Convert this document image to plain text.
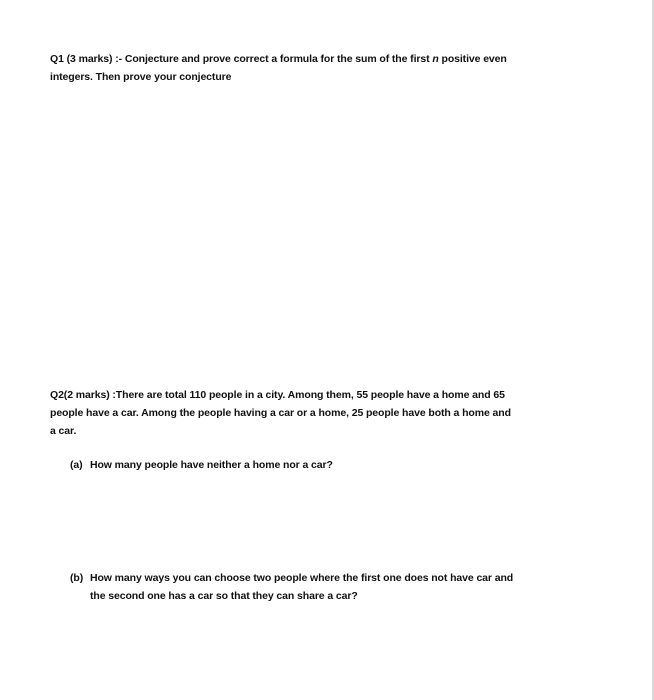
Q1 (3 marks) :- Conjecture and prove correct a formula for the sum of the first n positive even
integers. Then prove your conjecture
Q2(2 marks) :There are total 110 people in a city. Among them, 55 people have a home and 65
people have a car. Among the people having a car or a home, 25 people have both a home and
a car.
(a) How many people have neither a home nor a car?
(b) How many ways you can choose two people where the first one does not have car and
the second one has a car so that they can share a car?
